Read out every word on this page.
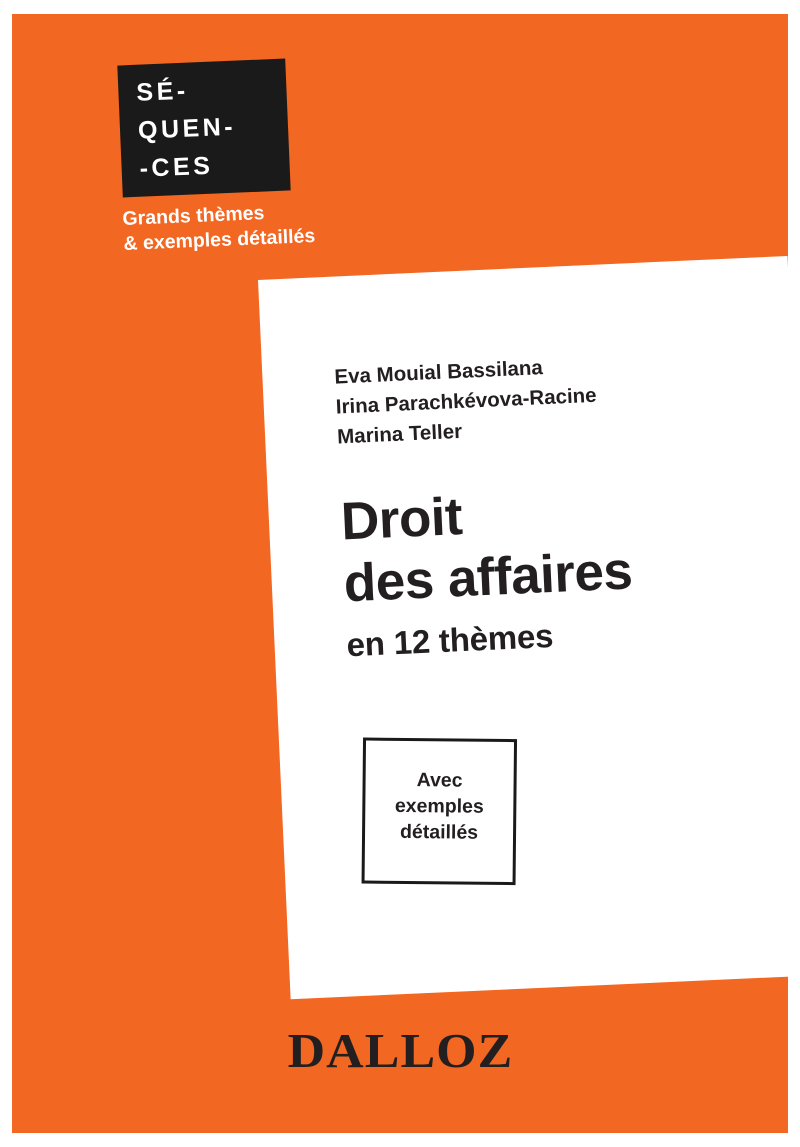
SÉ-
QUEN-
-CES
Grands thèmes
& exemples détaillés
Eva Mouial Bassilana
Irina Parachkévova-Racine
Marina Teller
Droit
des affaires
en 12 thèmes
Avec
exemples
détaillés
DALLOZ
